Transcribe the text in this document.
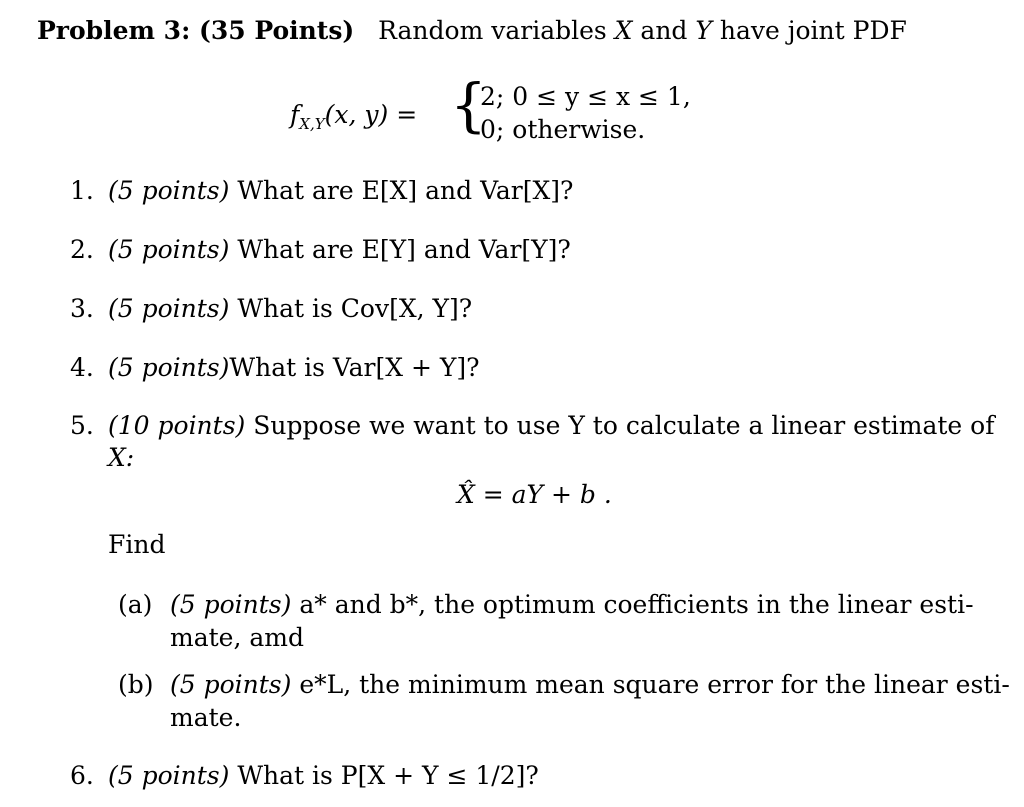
Problem 3: (35 Points) Random variables X and Y have joint PDF
$f_{X,Y}(x$, y) = {
2; 0 ≤ y ≤ x ≤ 1,
0; otherwise.
1. (5 points) What are E[X] and Var[X]?
2. (5 points) What are E[Y] and Var[Y]?
3. (5 points) What is Cov[X, Y]?
4. (5 points)What is Var[X + Y]?
5. (10 points) Suppose we want to use Y to calculate a linear estimate of
X:
X̂ = aY + b .
Find
(a) (5 points) a* and b*, the optimum coefficients in the linear esti-
mate, amd
(b) (5 points) e*L, the minimum mean square error for the linear esti-
mate.
6. (5 points) What is P[X + Y ≤ 1/2]?
